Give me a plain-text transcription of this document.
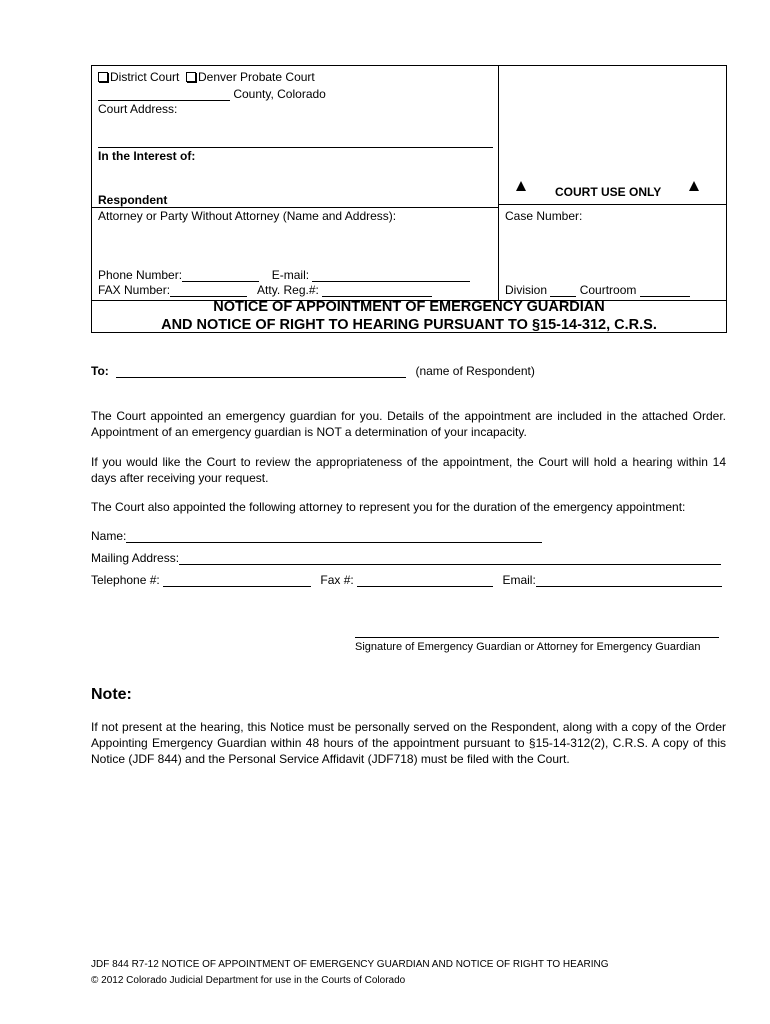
District Court Denver Probate Court
County, Colorado
Court Address:
In the Interest of:
Respondent
COURT USE ONLY
Attorney or Party Without Attorney (Name and Address):	Case Number:
Phone Number:	E-mail:
FAX Number:	Atty. Reg.#:	Division	Courtroom
NOTICE OF APPOINTMENT OF EMERGENCY GUARDIAN
AND NOTICE OF RIGHT TO HEARING PURSUANT TO §15-14-312, C.R.S.
To:	(name of Respondent)
The Court appointed an emergency guardian for you. Details of the appointment are included in the attached Order. Appointment of an emergency guardian is NOT a determination of your incapacity.
If you would like the Court to review the appropriateness of the appointment, the Court will hold a hearing within 14 days after receiving your request.
The Court also appointed the following attorney to represent you for the duration of the emergency appointment:
Name:
Mailing Address:
Telephone #:	Fax #:	Email:
Signature of Emergency Guardian or Attorney for Emergency Guardian
Note:
If not present at the hearing, this Notice must be personally served on the Respondent, along with a copy of the Order Appointing Emergency Guardian within 48 hours of the appointment pursuant to §15-14-312(2), C.R.S. A copy of this Notice (JDF 844) and the Personal Service Affidavit (JDF718) must be filed with the Court.
JDF 844 R7-12 NOTICE OF APPOINTMENT OF EMERGENCY GUARDIAN AND NOTICE OF RIGHT TO HEARING
© 2012 Colorado Judicial Department for use in the Courts of Colorado
